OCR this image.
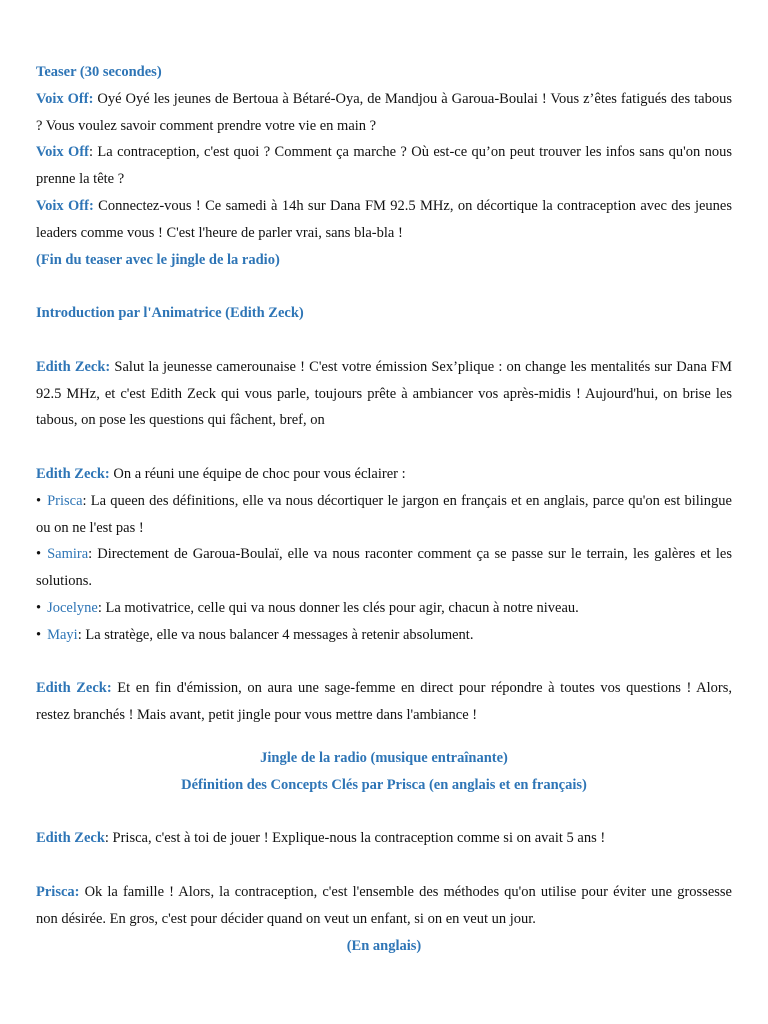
Teaser (30 secondes)

Voix Off: Oyé Oyé les jeunes de Bertoua à Bétaré-Oya, de Mandjou à Garoua-Boulai ! Vous z’êtes fatigués des tabous ? Vous voulez savoir comment prendre votre vie en main ?

Voix Off: La contraception, c'est quoi ? Comment ça marche ? Où est-ce qu’on peut trouver les infos sans qu'on nous prenne la tête ?

Voix Off: Connectez-vous ! Ce samedi à 14h sur Dana FM 92.5 MHz, on décortique la contraception avec des jeunes leaders comme vous ! C'est l'heure de parler vrai, sans bla-bla !

(Fin du teaser avec le jingle de la radio)

Introduction par l'Animatrice (Edith Zeck)

Edith Zeck: Salut la jeunesse camerounaise ! C'est votre émission Sex’plique : on change les mentalités sur Dana FM 92.5 MHz, et c'est Edith Zeck qui vous parle, toujours prête à ambiancer vos après-midis ! Aujourd'hui, on brise les tabous, on pose les questions qui fâchent, bref, on

Edith Zeck: On a réuni une équipe de choc pour vous éclairer :

• Prisca: La queen des définitions, elle va nous décortiquer le jargon en français et en anglais, parce qu'on est bilingue ou on ne l'est pas !

• Samira: Directement de Garoua-Boulaï, elle va nous raconter comment ça se passe sur le terrain, les galères et les solutions.

• Jocelyne: La motivatrice, celle qui va nous donner les clés pour agir, chacun à notre niveau.

• Mayi: La stratège, elle va nous balancer 4 messages à retenir absolument.

Edith Zeck: Et en fin d'émission, on aura une sage-femme en direct pour répondre à toutes vos questions ! Alors, restez branchés ! Mais avant, petit jingle pour vous mettre dans l'ambiance !

Jingle de la radio (musique entraînante)

Définition des Concepts Clés par Prisca (en anglais et en français)

Edith Zeck: Prisca, c'est à toi de jouer ! Explique-nous la contraception comme si on avait 5 ans !

Prisca: Ok la famille ! Alors, la contraception, c'est l'ensemble des méthodes qu'on utilise pour éviter une grossesse non désirée. En gros, c'est pour décider quand on veut un enfant, si on en veut un jour.

(En anglais)
